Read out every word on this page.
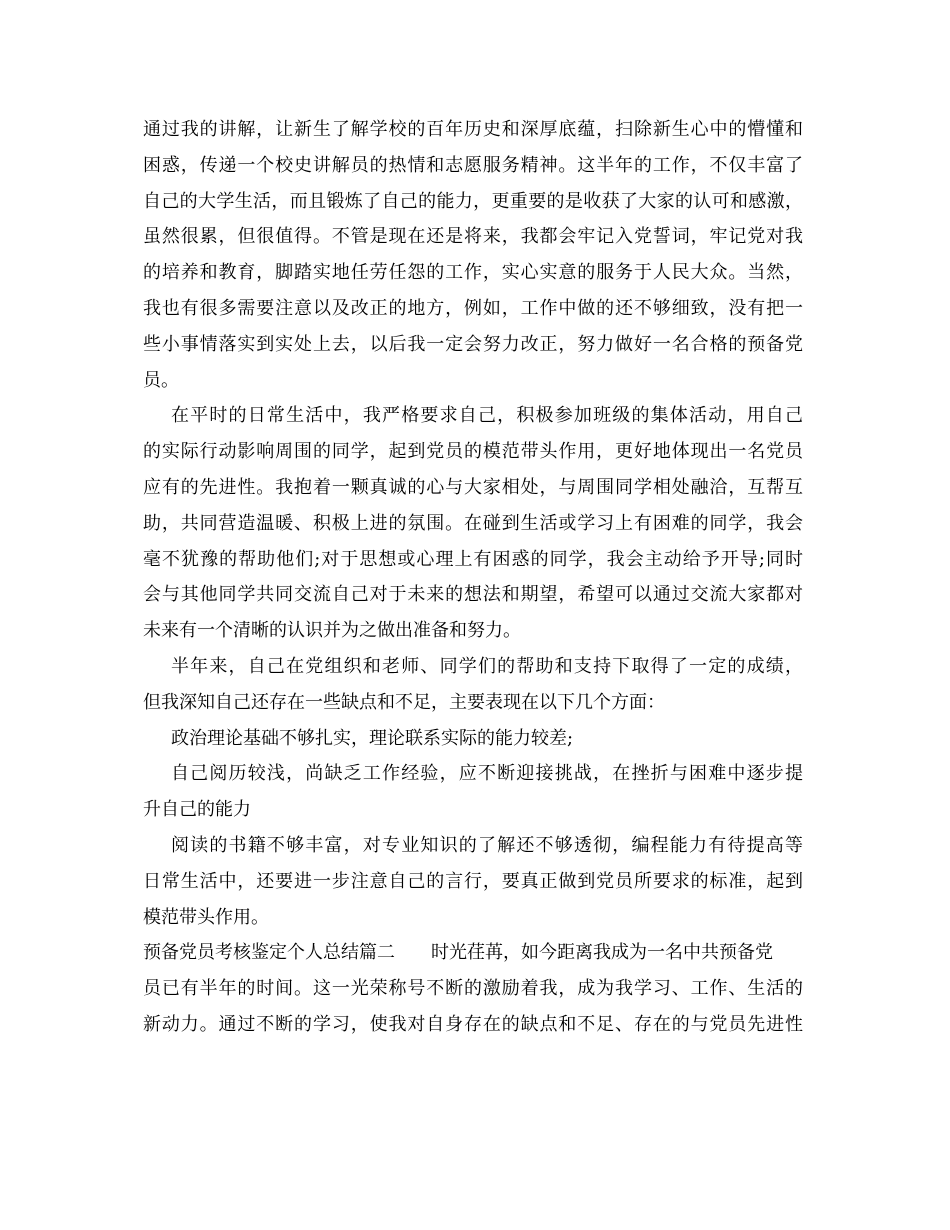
通过我的讲解，让新生了解学校的百年历史和深厚底蕴，扫除新生心中的懵懂和
困惑，传递一个校史讲解员的热情和志愿服务精神。这半年的工作，不仅丰富了
自己的大学生活，而且锻炼了自己的能力，更重要的是收获了大家的认可和感激，
虽然很累，但很值得。不管是现在还是将来，我都会牢记入党誓词，牢记党对我
的培养和教育，脚踏实地任劳任怨的工作，实心实意的服务于人民大众。当然，
我也有很多需要注意以及改正的地方，例如，工作中做的还不够细致，没有把一
些小事情落实到实处上去，以后我一定会努力改正，努力做好一名合格的预备党
员。
在平时的日常生活中，我严格要求自己，积极参加班级的集体活动，用自己
的实际行动影响周围的同学，起到党员的模范带头作用，更好地体现出一名党员
应有的先进性。我抱着一颗真诚的心与大家相处，与周围同学相处融洽，互帮互
助，共同营造温暖、积极上进的氛围。在碰到生活或学习上有困难的同学，我会
毫不犹豫的帮助他们;对于思想或心理上有困惑的同学，我会主动给予开导;同时
会与其他同学共同交流自己对于未来的想法和期望，希望可以通过交流大家都对
未来有一个清晰的认识并为之做出准备和努力。
半年来，自己在党组织和老师、同学们的帮助和支持下取得了一定的成绩，
但我深知自己还存在一些缺点和不足，主要表现在以下几个方面：
政治理论基础不够扎实，理论联系实际的能力较差;
自己阅历较浅，尚缺乏工作经验，应不断迎接挑战，在挫折与困难中逐步提
升自己的能力
阅读的书籍不够丰富，对专业知识的了解还不够透彻，编程能力有待提高等
日常生活中，还要进一步注意自己的言行，要真正做到党员所要求的标准，起到
模范带头作用。
预备党员考核鉴定个人总结篇二 时光荏苒，如今距离我成为一名中共预备党
员已有半年的时间。这一光荣称号不断的激励着我，成为我学习、工作、生活的
新动力。通过不断的学习，使我对自身存在的缺点和不足、存在的与党员先进性
